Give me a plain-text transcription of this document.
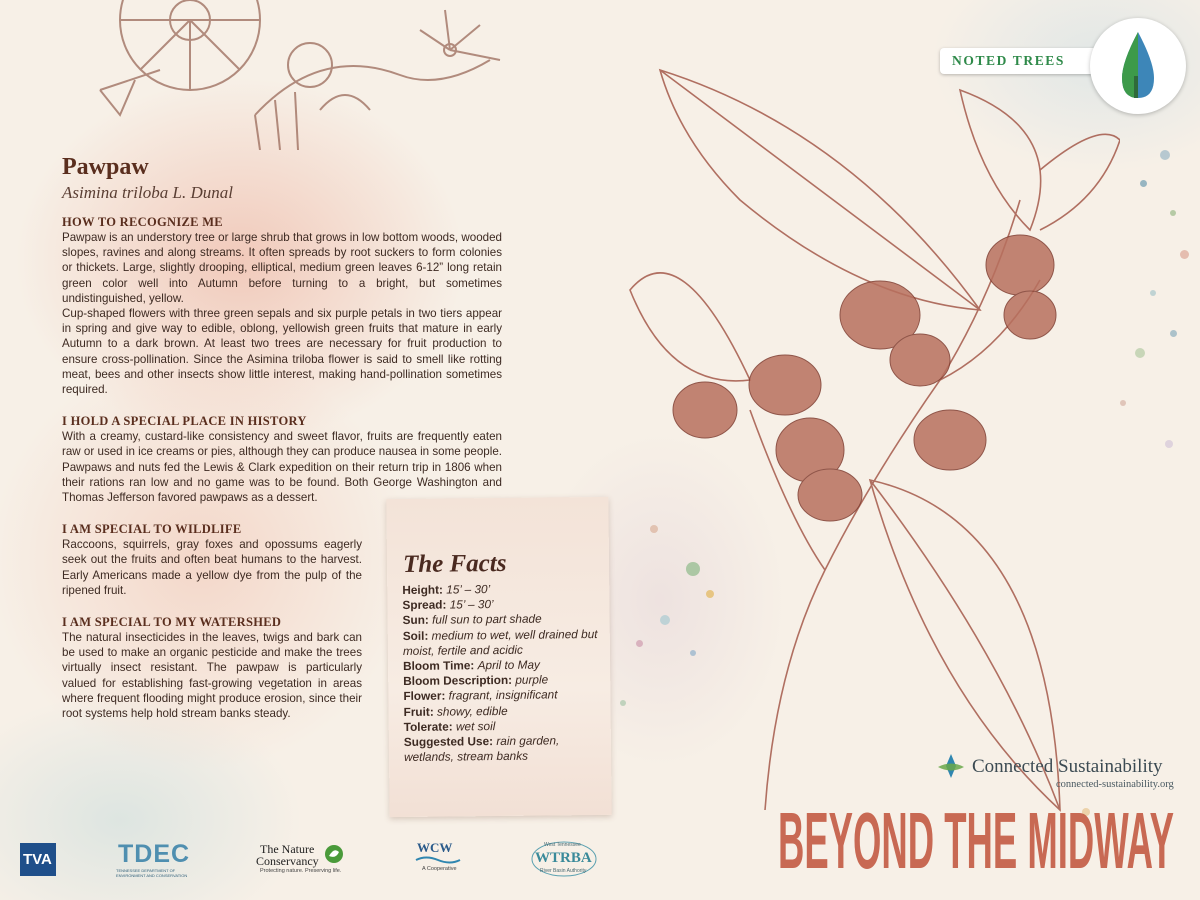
NOTED TREES
Pawpaw
Asimina triloba L. Dunal
HOW TO RECOGNIZE ME

Pawpaw is an understory tree or large shrub that grows in low bottom woods, wooded slopes, ravines and along streams. It often spreads by root suckers to form colonies or thickets. Large, slightly drooping, elliptical, medium green leaves 6-12” long retain green color well into Autumn before turning to a bright, but sometimes undistinguished, yellow.

Cup-shaped flowers with three green sepals and six purple petals in two tiers appear in spring and give way to edible, oblong, yellowish green fruits that mature in early Autumn to a dark brown. At least two trees are necessary for fruit production to ensure cross-pollination. Since the Asimina triloba flower is said to smell like rotting meat, bees and other insects show little interest, making hand-pollination sometimes required.

I HOLD A SPECIAL PLACE IN HISTORY

With a creamy, custard-like consistency and sweet flavor, fruits are frequently eaten raw or used in ice creams or pies, although they can produce nausea in some people. Pawpaws and nuts fed the Lewis & Clark expedition on their return trip in 1806 when their rations ran low and no game was to be found. Both George Washington and Thomas Jefferson favored pawpaws as a dessert.

I AM SPECIAL TO WILDLIFE

Raccoons, squirrels, gray foxes and opossums eagerly seek out the fruits and often beat humans to the harvest. Early Americans made a yellow dye from the pulp of the ripened fruit.

I AM SPECIAL TO MY WATERSHED

The natural insecticides in the leaves, twigs and bark can be used to make an organic pesticide and make the trees virtually insect resistant. The pawpaw is particularly valued for establishing fast-growing vegetation in areas where frequent flooding might produce erosion, since their root systems help hold stream banks steady.

The Facts
Height: 15’ – 30’
Spread: 15’ – 30’
Sun: full sun to part shade
Soil: medium to wet, well drained but moist, fertile and acidic
Bloom Time: April to May
Bloom Description: purple
Flower: fragrant, insignificant
Fruit: showy, edible
Tolerate: wet soil
Suggested Use: rain garden, wetlands, stream banks	Connected Sustainability
connected-sustainability.org
BEYOND THE MIDWAY
TVA	TDEC
TENNESSEE DEPARTMENT OF ENVIRONMENT AND CONSERVATION
The Nature
Conservancy
Protecting nature. Preserving life.
WCW
A Cooperative
West Tennessee
WTRBA
River Basin Authority
